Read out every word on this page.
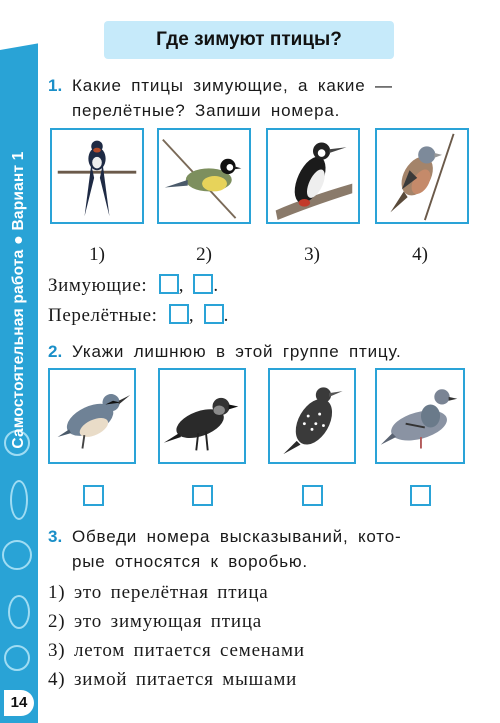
Самостоятельная работаВариант 1
14
Где зимуют птицы?
1. Какие птицы зимующие, а какие —
перелётные? Запиши номера.
1)	2)	3)	4)
Зимующие: , .
Перелётные: , .
2. Укажи лишнюю в этой группе птицу.
3. Обведи номера высказываний, кото-
рые относятся к воробью.
1) это перелётная птица
2) это зимующая птица
3) летом питается семенами
4) зимой питается мышами
